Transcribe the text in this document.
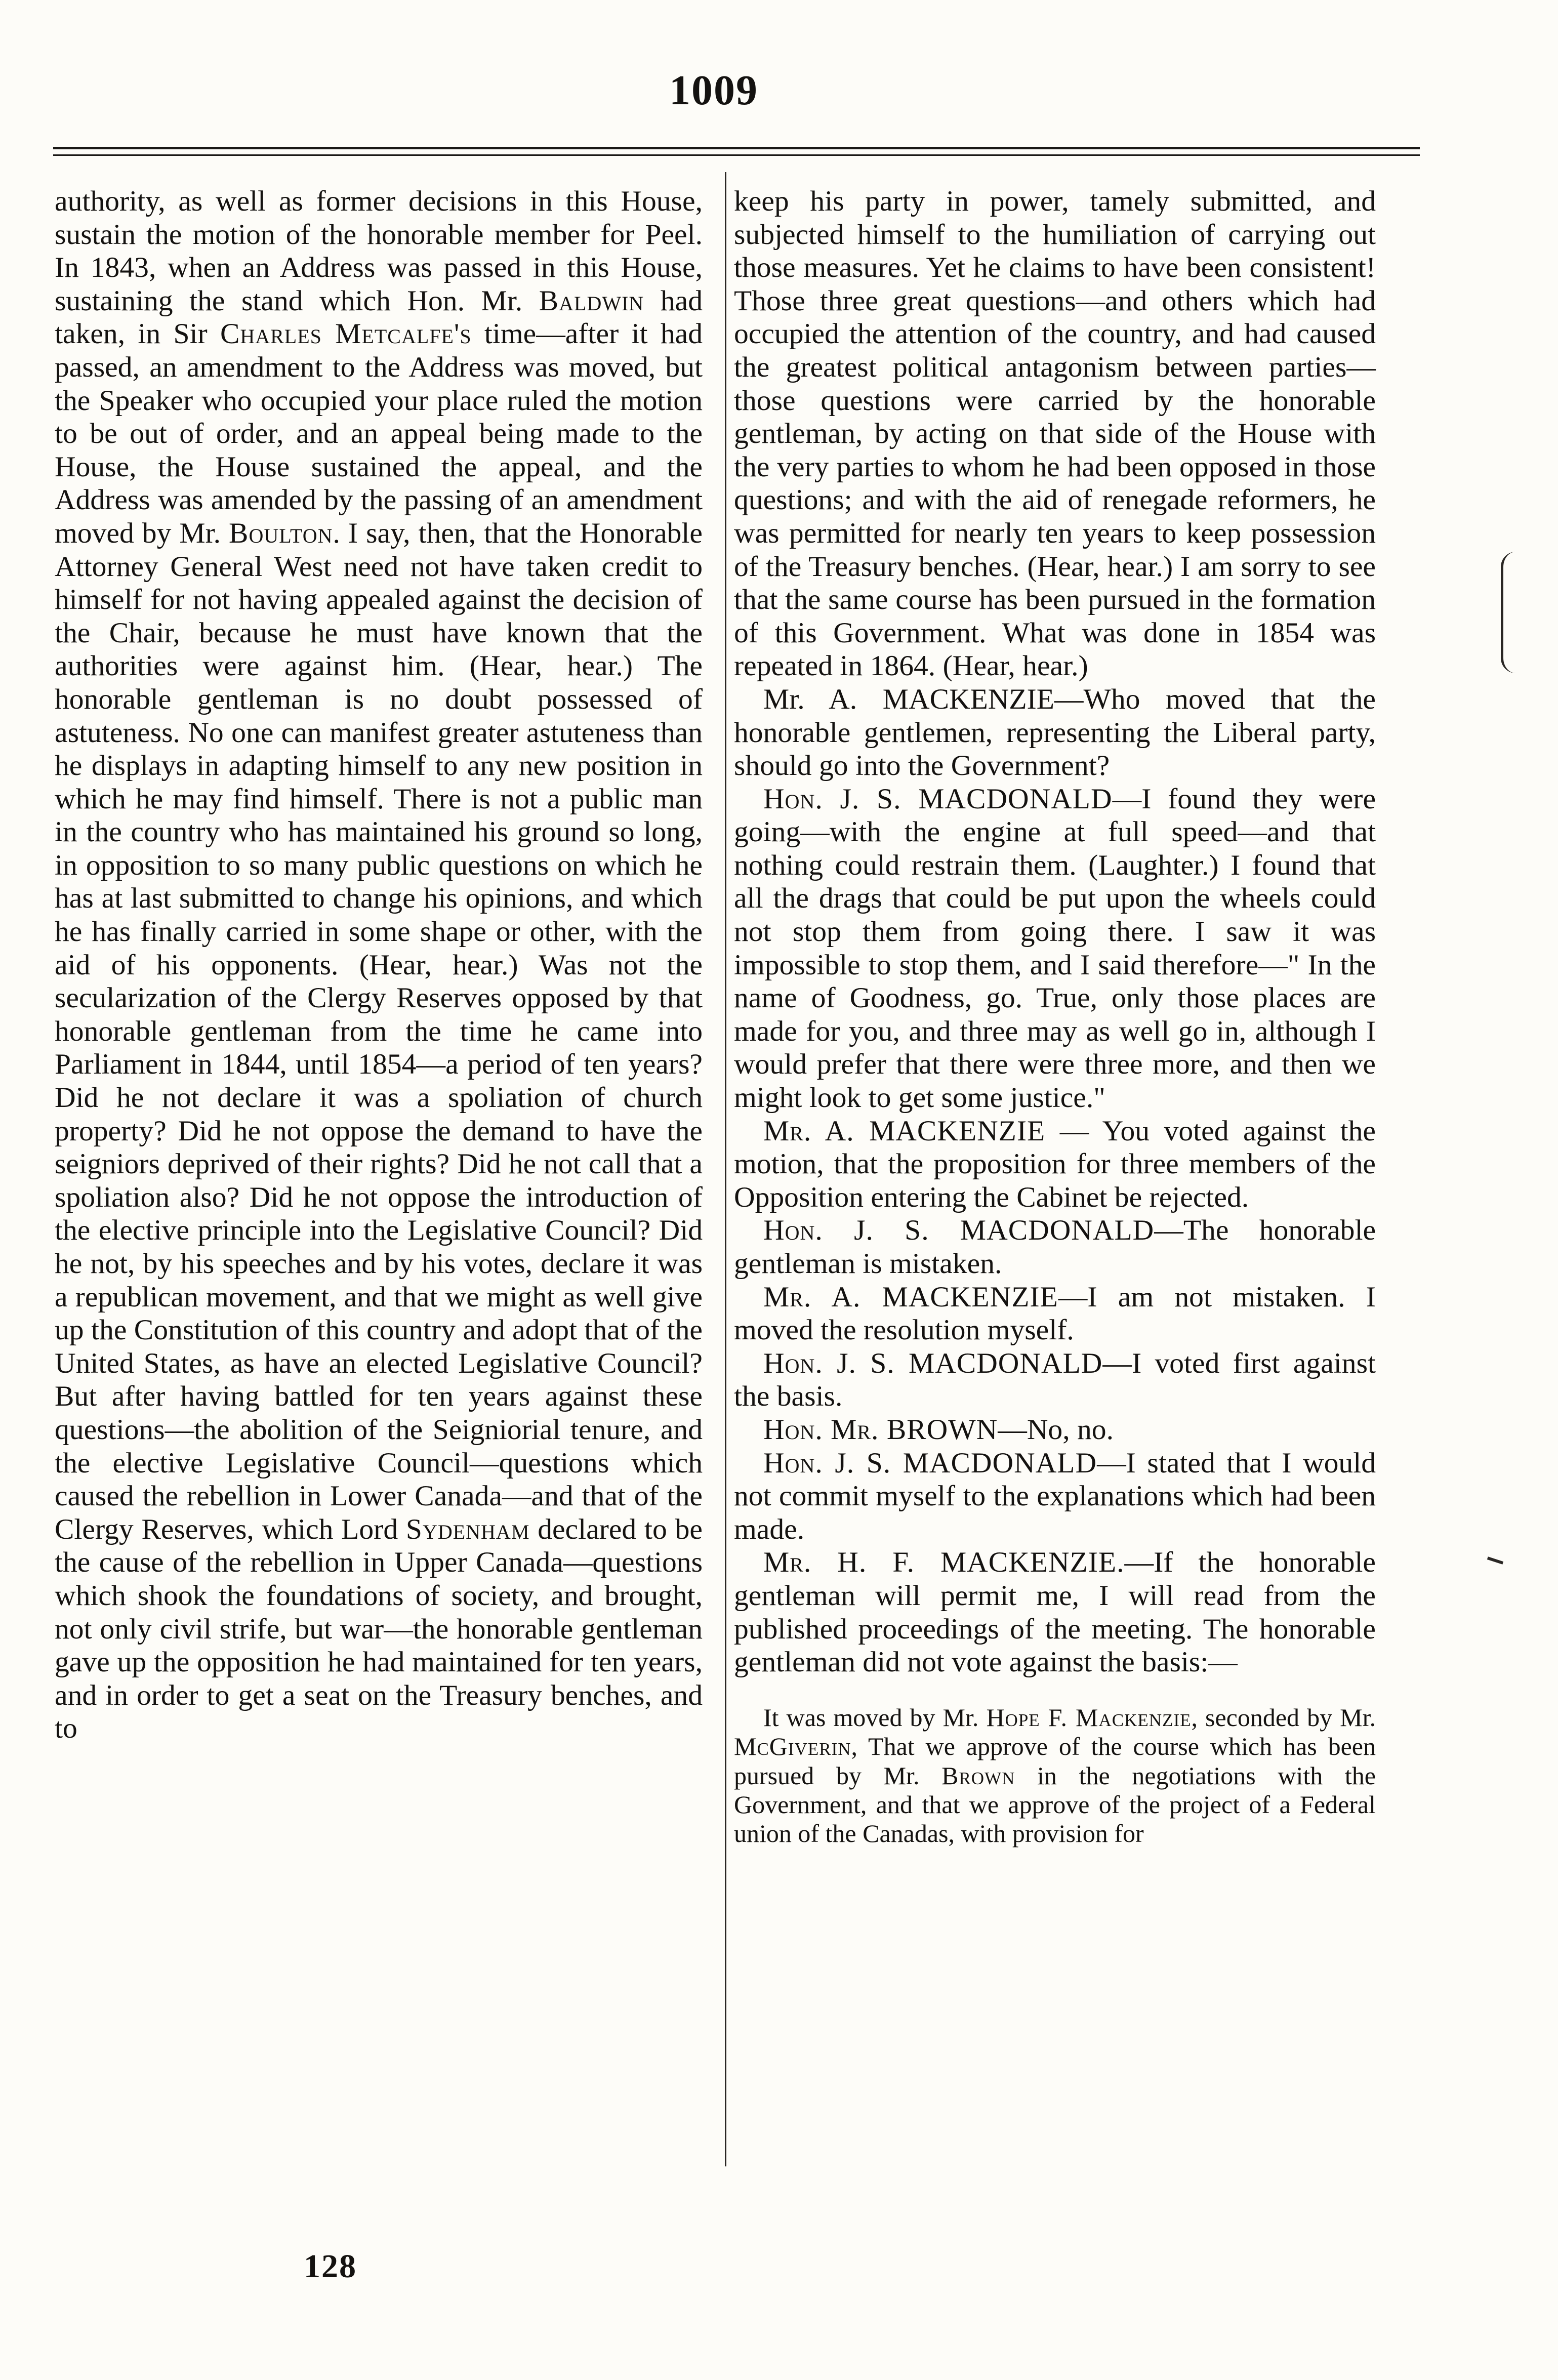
1009

authority, as well as former decisions in this House, sustain the motion of the honorable member for Peel. In 1843, when an Address was passed in this House, sustaining the stand which Hon. Mr. Baldwin had taken, in Sir Charles Metcalfe's time—after it had passed, an amendment to the Address was moved, but the Speaker who occupied your place ruled the motion to be out of order, and an appeal being made to the House, the House sustained the appeal, and the Address was amended by the passing of an amendment moved by Mr. Boulton. I say, then, that the Honorable Attorney General West need not have taken credit to himself for not having appealed against the decision of the Chair, because he must have known that the authorities were against him. (Hear, hear.) The honorable gentleman is no doubt possessed of astuteness. No one can manifest greater astuteness than he displays in adapting himself to any new position in which he may find himself. There is not a public man in the country who has maintained his ground so long, in opposition to so many public questions on which he has at last submitted to change his opinions, and which he has finally carried in some shape or other, with the aid of his opponents. (Hear, hear.) Was not the secularization of the Clergy Reserves opposed by that honorable gentleman from the time he came into Parliament in 1844, until 1854—a period of ten years? Did he not declare it was a spoliation of church property? Did he not oppose the demand to have the seigniors deprived of their rights? Did he not call that a spoliation also? Did he not oppose the introduction of the elective principle into the Legislative Council? Did he not, by his speeches and by his votes, declare it was a republican movement, and that we might as well give up the Constitution of this country and adopt that of the United States, as have an elected Legislative Council? But after having battled for ten years against these questions—the abolition of the Seigniorial tenure, and the elective Legislative Council—questions which caused the rebellion in Lower Canada—and that of the Clergy Reserves, which Lord Sydenham declared to be the cause of the rebellion in Upper Canada—questions which shook the foundations of society, and brought, not only civil strife, but war—the honorable gentleman gave up the opposition he had maintained for ten years, and in order to get a seat on the Treasury benches, and to

keep his party in power, tamely submitted, and subjected himself to the humiliation of carrying out those measures. Yet he claims to have been consistent! Those three great questions—and others which had occupied the attention of the country, and had caused the greatest political antagonism between parties—those questions were carried by the honorable gentleman, by acting on that side of the House with the very parties to whom he had been opposed in those questions; and with the aid of renegade reformers, he was permitted for nearly ten years to keep possession of the Treasury benches. (Hear, hear.) I am sorry to see that the same course has been pursued in the formation of this Government. What was done in 1854 was repeated in 1864. (Hear, hear.)

Mr. A. MACKENZIE—Who moved that the honorable gentlemen, representing the Liberal party, should go into the Government?

Hon. J. S. MACDONALD—I found they were going—with the engine at full speed—and that nothing could restrain them. (Laughter.) I found that all the drags that could be put upon the wheels could not stop them from going there. I saw it was impossible to stop them, and I said therefore—" In the name of Goodness, go. True, only those places are made for you, and three may as well go in, although I would prefer that there were three more, and then we might look to get some justice."

Mr. A. MACKENZIE — You voted against the motion, that the proposition for three members of the Opposition entering the Cabinet be rejected.

Hon. J. S. MACDONALD—The honorable gentleman is mistaken.

Mr. A. MACKENZIE—I am not mistaken. I moved the resolution myself.

Hon. J. S. MACDONALD—I voted first against the basis.

Hon. Mr. BROWN—No, no.

Hon. J. S. MACDONALD—I stated that I would not commit myself to the explanations which had been made.

Mr. H. F. MACKENZIE.—If the honorable gentleman will permit me, I will read from the published proceedings of the meeting. The honorable gentleman did not vote against the basis:—

It was moved by Mr. Hope F. Mackenzie, seconded by Mr. McGiverin, That we approve of the course which has been pursued by Mr. Brown in the negotiations with the Government, and that we approve of the project of a Federal union of the Canadas, with provision for

128
